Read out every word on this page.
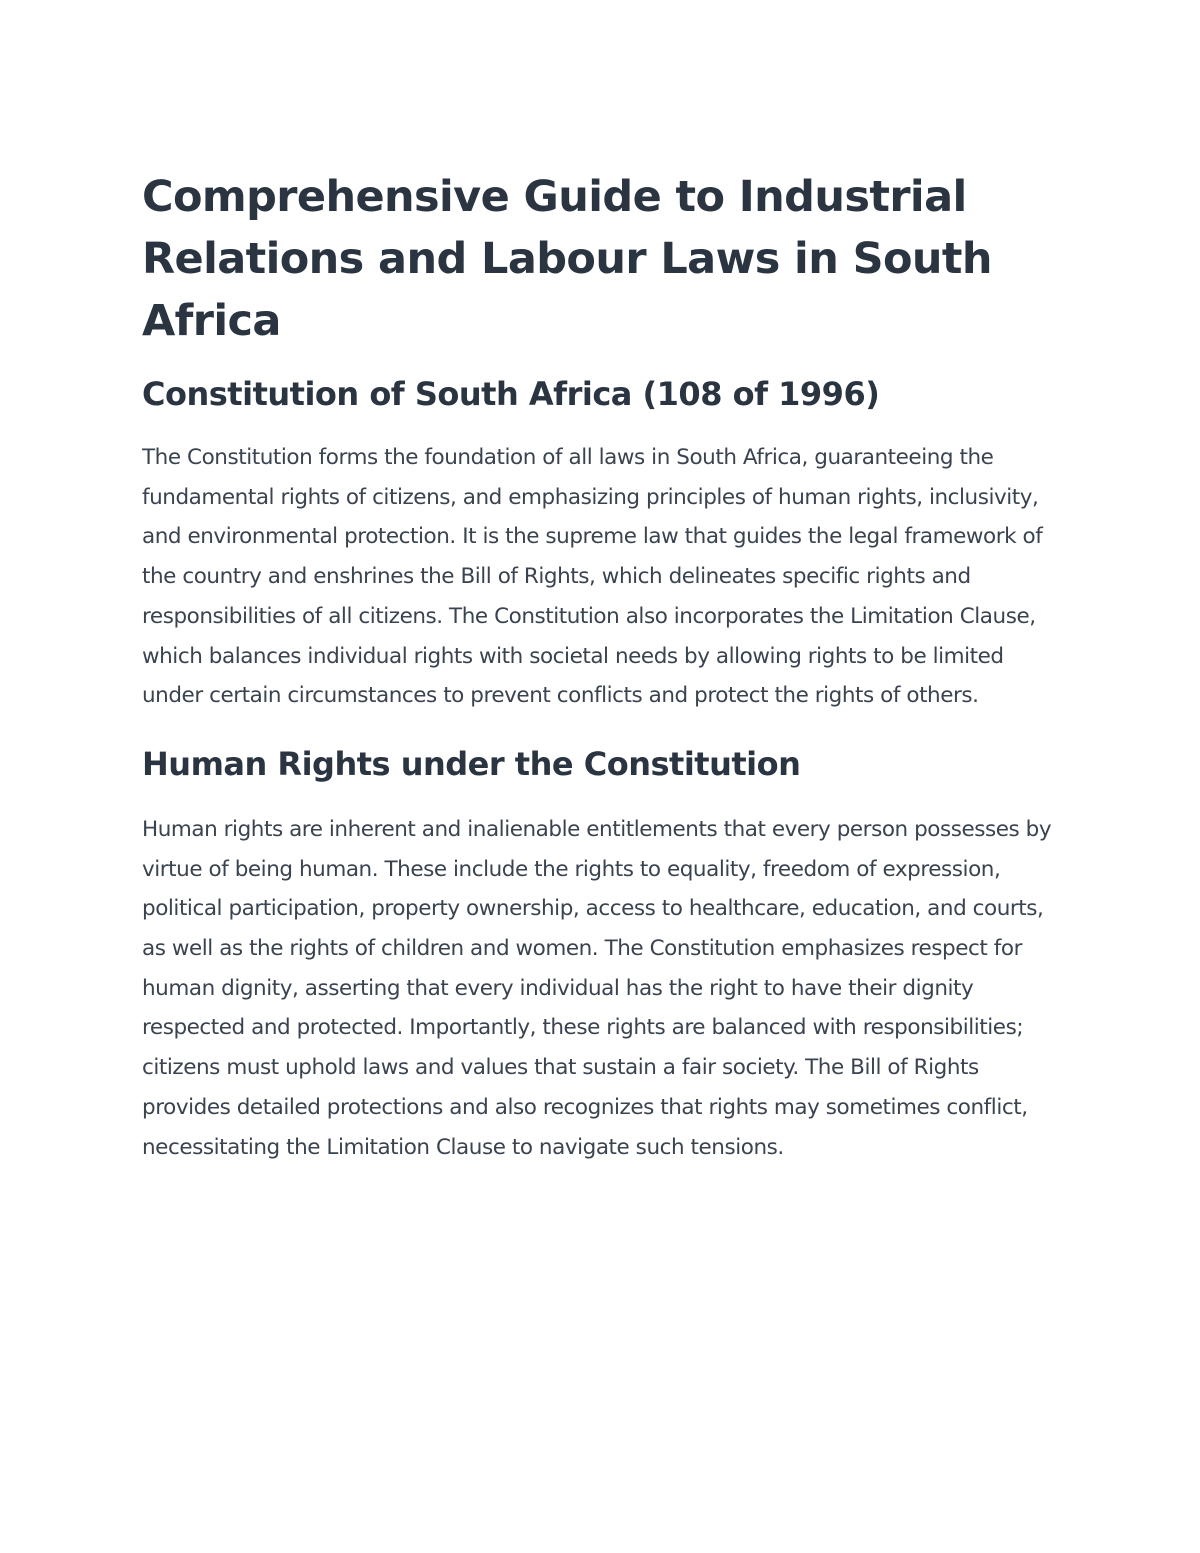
Comprehensive Guide to Industrial Relations and Labour Laws in South Africa
Constitution of South Africa (108 of 1996)

The Constitution forms the foundation of all laws in South Africa, guaranteeing the fundamental rights of citizens, and emphasizing principles of human rights, inclusivity, and environmental protection. It is the supreme law that guides the legal framework of the country and enshrines the Bill of Rights, which delineates specific rights and responsibilities of all citizens. The Constitution also incorporates the Limitation Clause, which balances individual rights with societal needs by allowing rights to be limited under certain circumstances to prevent conflicts and protect the rights of others.

Human Rights under the Constitution

Human rights are inherent and inalienable entitlements that every person possesses by virtue of being human. These include the rights to equality, freedom of expression, political participation, property ownership, access to healthcare, education, and courts, as well as the rights of children and women. The Constitution emphasizes respect for human dignity, asserting that every individual has the right to have their dignity respected and protected. Importantly, these rights are balanced with responsibilities; citizens must uphold laws and values that sustain a fair society. The Bill of Rights provides detailed protections and also recognizes that rights may sometimes conflict, necessitating the Limitation Clause to navigate such tensions.
